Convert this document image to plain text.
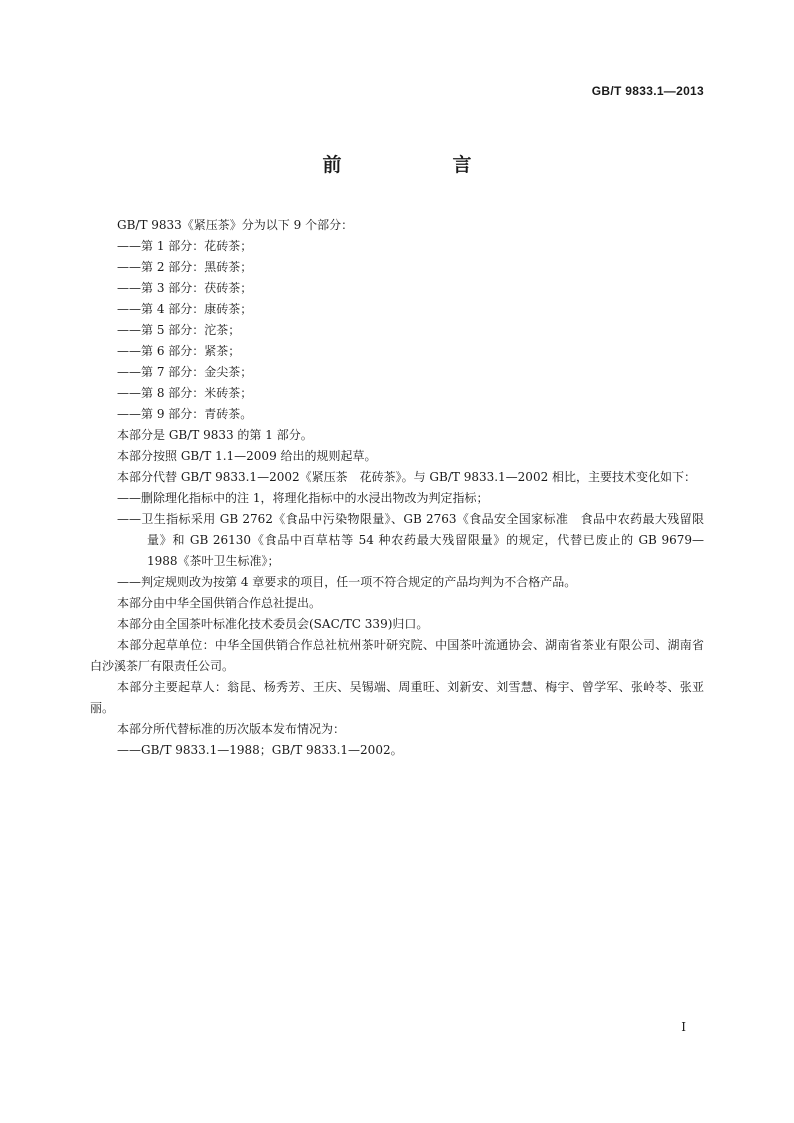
GB/T 9833.1—2013
前　言

GB/T 9833《紧压茶》分为以下 9 个部分：

——第 1 部分：花砖茶；

——第 2 部分：黑砖茶；

——第 3 部分：茯砖茶；

——第 4 部分：康砖茶；

——第 5 部分：沱茶；

——第 6 部分：紧茶；

——第 7 部分：金尖茶；

——第 8 部分：米砖茶；

——第 9 部分：青砖茶。

本部分是 GB/T 9833 的第 1 部分。

本部分按照 GB/T 1.1—2009 给出的规则起草。

本部分代替 GB/T 9833.1—2002《紧压茶　花砖茶》。与 GB/T 9833.1—2002 相比，主要技术变化如下：

——删除理化指标中的注 1，将理化指标中的水浸出物改为判定指标；

——卫生指标采用 GB 2762《食品中污染物限量》、GB 2763《食品安全国家标准　食品中农药最大残留限量》和 GB 26130《食品中百草枯等 54 种农药最大残留限量》的规定，代替已废止的 GB 9679—1988《茶叶卫生标准》；

——判定规则改为按第 4 章要求的项目，任一项不符合规定的产品均判为不合格产品。

本部分由中华全国供销合作总社提出。

本部分由全国茶叶标准化技术委员会(SAC/TC 339)归口。

本部分起草单位：中华全国供销合作总社杭州茶叶研究院、中国茶叶流通协会、湖南省茶业有限公司、湖南省白沙溪茶厂有限责任公司。

本部分主要起草人：翁昆、杨秀芳、王庆、吴锡端、周重旺、刘新安、刘雪慧、梅宇、曾学军、张岭苓、张亚丽。

本部分所代替标准的历次版本发布情况为：

——GB/T 9833.1—1988；GB/T 9833.1—2002。

I
